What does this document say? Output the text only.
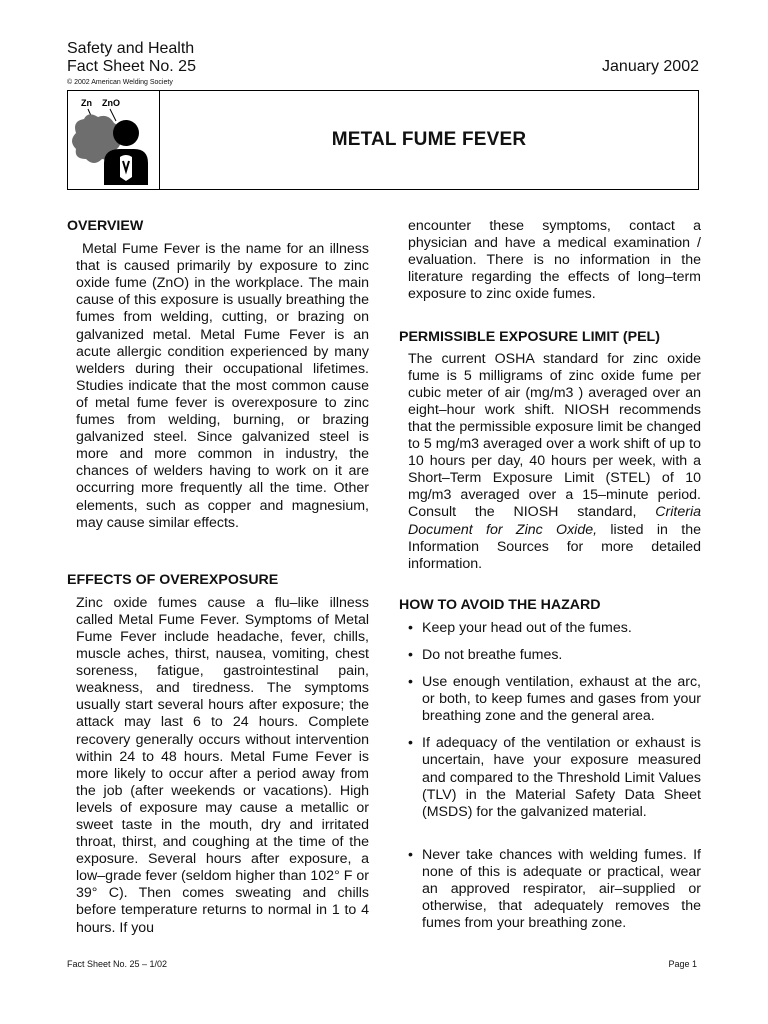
Safety and Health
Fact Sheet No. 25
© 2002 American Welding Society
January 2002
Zn ZnO
METAL FUME FEVER
OVERVIEW

Metal Fume Fever is the name for an illness that is caused primarily by exposure to zinc oxide fume (ZnO) in the workplace. The main cause of this exposure is usually breathing the fumes from welding, cutting, or brazing on galvanized metal. Metal Fume Fever is an acute allergic condition experienced by many welders during their occupational lifetimes. Studies indicate that the most common cause of metal fume fever is overexposure to zinc fumes from welding, burning, or brazing galvanized steel. Since galvanized steel is more and more common in industry, the chances of welders having to work on it are occurring more frequently all the time. Other elements, such as copper and magnesium, may cause similar effects.

EFFECTS OF OVEREXPOSURE

Zinc oxide fumes cause a flu–like illness called Metal Fume Fever. Symptoms of Metal Fume Fever include headache, fever, chills, muscle aches, thirst, nausea, vomiting, chest soreness, fatigue, gastrointestinal pain, weakness, and tiredness. The symptoms usually start several hours after exposure; the attack may last 6 to 24 hours. Complete recovery generally occurs without intervention within 24 to 48 hours. Metal Fume Fever is more likely to occur after a period away from the job (after weekends or vacations). High levels of exposure may cause a metallic or sweet taste in the mouth, dry and irritated throat, thirst, and coughing at the time of the exposure. Several hours after exposure, a low–grade fever (seldom higher than 102° F or 39° C). Then comes sweating and chills before temperature returns to normal in 1 to 4 hours. If you

encounter these symptoms, contact a physician and have a medical examination / evaluation. There is no information in the literature regarding the effects of long–term exposure to zinc oxide fumes.

PERMISSIBLE EXPOSURE LIMIT (PEL)

The current OSHA standard for zinc oxide fume is 5 milligrams of zinc oxide fume per cubic meter of air (mg/m3 ) averaged over an eight–hour work shift. NIOSH recommends that the permissible exposure limit be changed to 5 mg/m3 averaged over a work shift of up to 10 hours per day, 40 hours per week, with a Short–Term Exposure Limit (STEL) of 10 mg/m3 averaged over a 15–minute period. Consult the NIOSH standard, Criteria Document for Zinc Oxide, listed in the Information Sources for more detailed information.

HOW TO AVOID THE HAZARD
• Keep your head out of the fumes.
• Do not breathe fumes.
• Use enough ventilation, exhaust at the arc, or both, to keep fumes and gases from your breathing zone and the general area.
• If adequacy of the ventilation or exhaust is uncertain, have your exposure measured and compared to the Threshold Limit Values (TLV) in the Material Safety Data Sheet (MSDS) for the galvanized material.
• Never take chances with welding fumes. If none of this is adequate or practical, wear an approved respirator, air–supplied or otherwise, that adequately removes the fumes from your breathing zone.
Fact Sheet No. 25 – 1/02	Page 1
